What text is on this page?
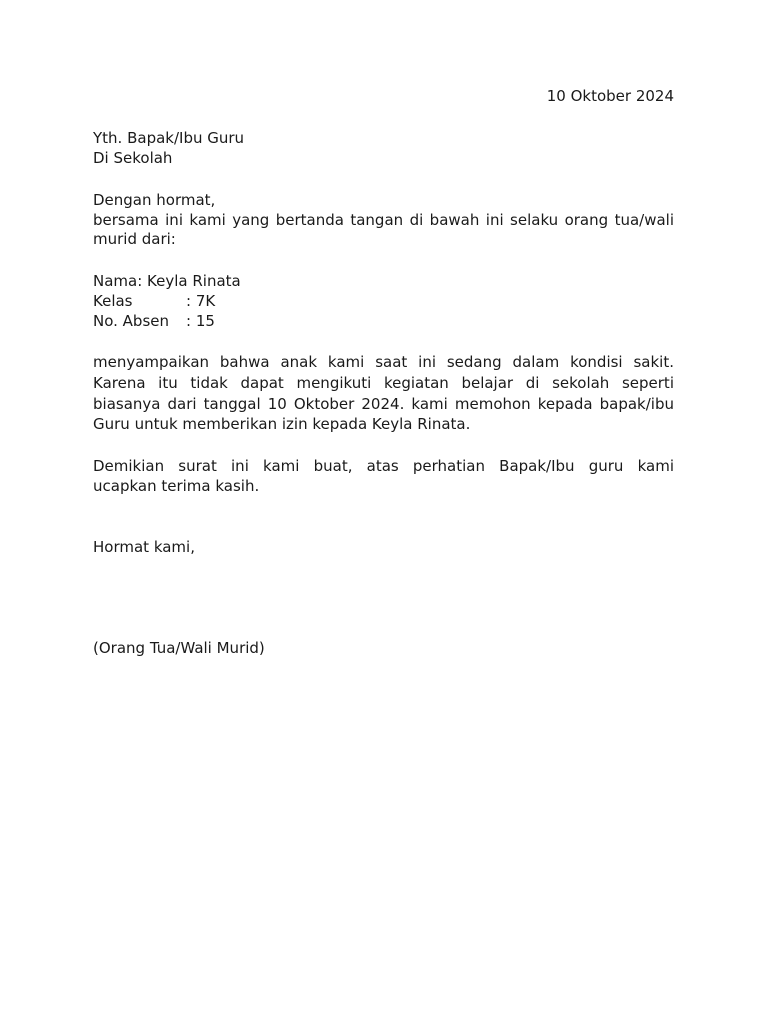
10 Oktober 2024
Yth. Bapak/Ibu Guru
Di Sekolah
Dengan hormat,
bersama ini kami yang bertanda tangan di bawah ini selaku orang tua/wali
murid dari:
Nama: Keyla Rinata
Kelas	: 7K
No. Absen : 15
menyampaikan bahwa anak kami saat ini sedang dalam kondisi sakit.
Karena itu tidak dapat mengikuti kegiatan belajar di sekolah seperti
biasanya dari tanggal 10 Oktober 2024. kami memohon kepada bapak/ibu
Guru untuk memberikan izin kepada Keyla Rinata.
Demikian surat ini kami buat, atas perhatian Bapak/Ibu guru kami
ucapkan terima kasih.
Hormat kami,
(Orang Tua/Wali Murid)
